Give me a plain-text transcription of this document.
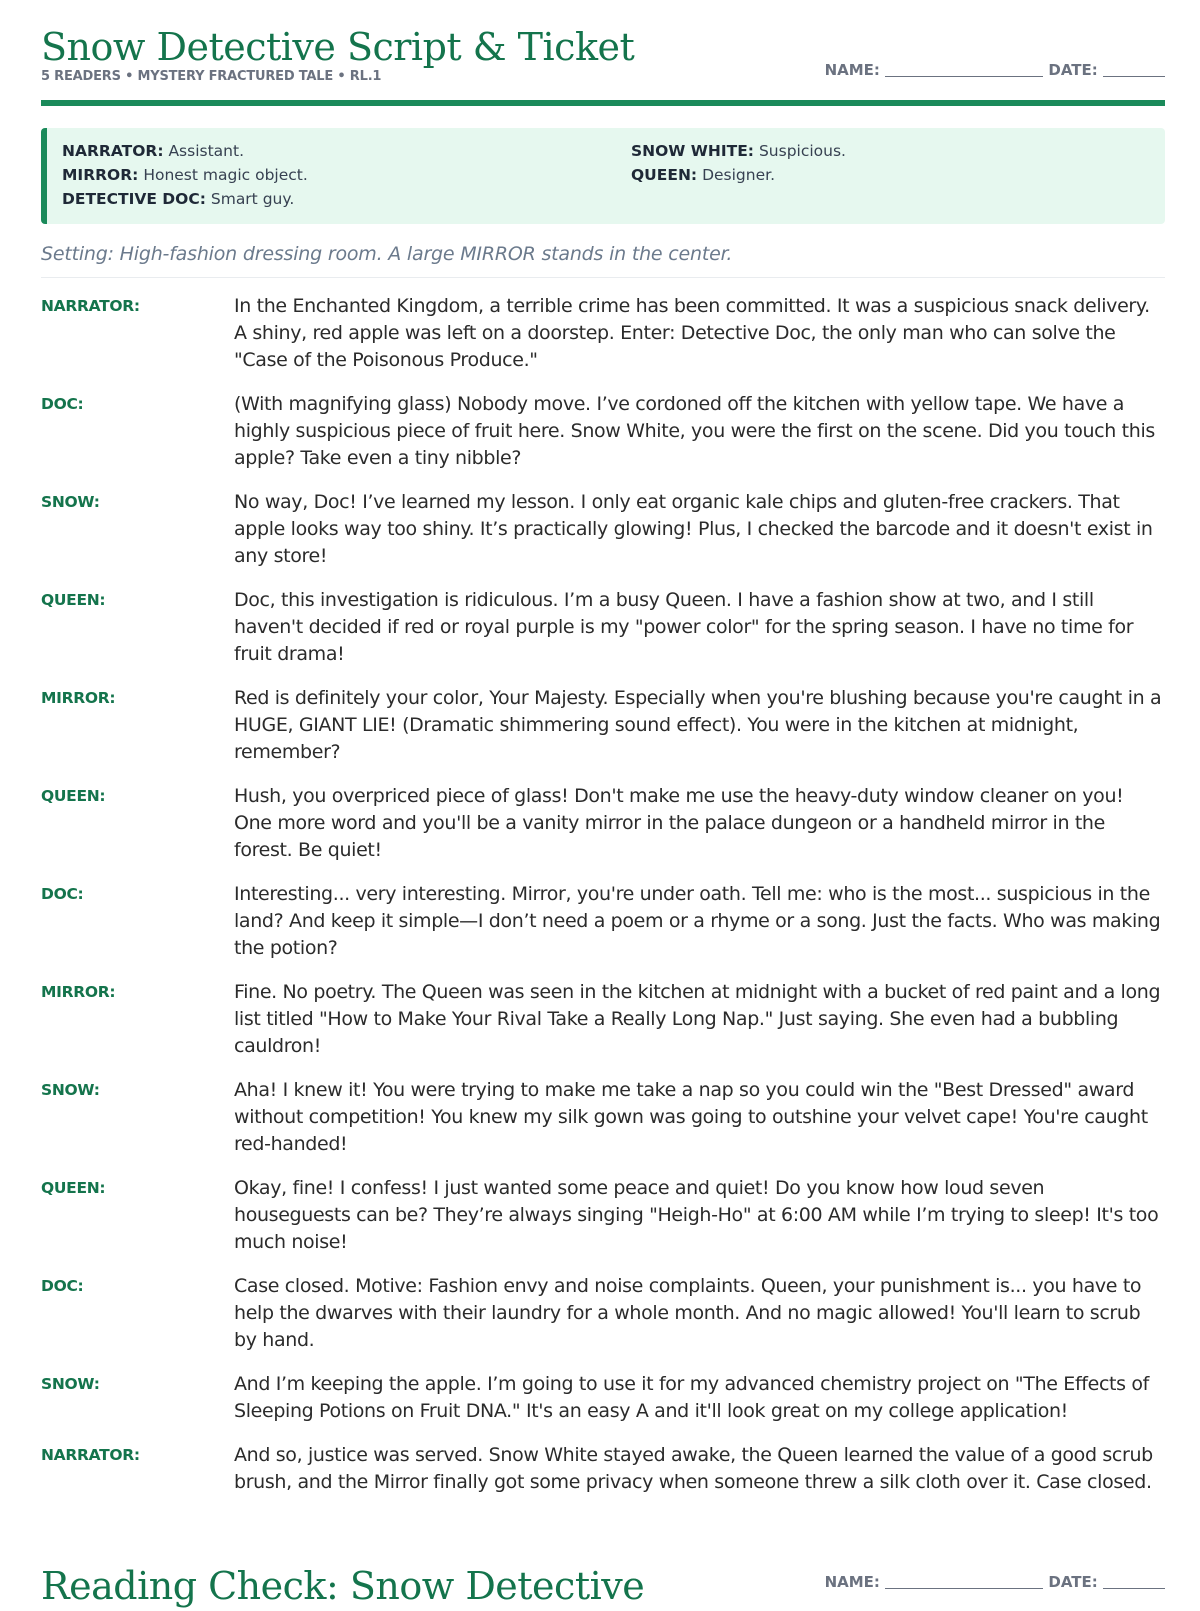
Snow Detective Script & Ticket
5 READERS • MYSTERY FRACTURED TALE • RL.1	NAME:	DATE:
NARRATOR: Assistant.
MIRROR: Honest magic object.
DETECTIVE DOC: Smart guy.
SNOW WHITE: Suspicious.
QUEEN: Designer.
Setting: High-fashion dressing room. A large MIRROR stands in the center.
NARRATOR:	In the Enchanted Kingdom, a terrible crime has been committed. It was a suspicious snack delivery. A shiny, red apple was left on a doorstep. Enter: Detective Doc, the only man who can solve the "Case of the Poisonous Produce."
DOC:	(With magnifying glass) Nobody move. I’ve cordoned off the kitchen with yellow tape. We have a highly suspicious piece of fruit here. Snow White, you were the first on the scene. Did you touch this apple? Take even a tiny nibble?
SNOW:	No way, Doc! I’ve learned my lesson. I only eat organic kale chips and gluten-free crackers. That apple looks way too shiny. It’s practically glowing! Plus, I checked the barcode and it doesn't exist in any store!
QUEEN:	Doc, this investigation is ridiculous. I’m a busy Queen. I have a fashion show at two, and I still haven't decided if red or royal purple is my "power color" for the spring season. I have no time for fruit drama!
MIRROR:	Red is definitely your color, Your Majesty. Especially when you're blushing because you're caught in a HUGE, GIANT LIE! (Dramatic shimmering sound effect). You were in the kitchen at midnight, remember?
QUEEN:	Hush, you overpriced piece of glass! Don't make me use the heavy-duty window cleaner on you! One more word and you'll be a vanity mirror in the palace dungeon or a handheld mirror in the forest. Be quiet!
DOC:	Interesting... very interesting. Mirror, you're under oath. Tell me: who is the most... suspicious in the land? And keep it simple—I don’t need a poem or a rhyme or a song. Just the facts. Who was making the potion?
MIRROR:	Fine. No poetry. The Queen was seen in the kitchen at midnight with a bucket of red paint and a long list titled "How to Make Your Rival Take a Really Long Nap." Just saying. She even had a bubbling cauldron!
SNOW:	Aha! I knew it! You were trying to make me take a nap so you could win the "Best Dressed" award without competition! You knew my silk gown was going to outshine your velvet cape! You're caught red-handed!
QUEEN:	Okay, fine! I confess! I just wanted some peace and quiet! Do you know how loud seven houseguests can be? They’re always singing "Heigh-Ho" at 6:00 AM while I’m trying to sleep! It's too much noise!
DOC:	Case closed. Motive: Fashion envy and noise complaints. Queen, your punishment is... you have to help the dwarves with their laundry for a whole month. And no magic allowed! You'll learn to scrub by hand.
SNOW:	And I’m keeping the apple. I’m going to use it for my advanced chemistry project on "The Effects of Sleeping Potions on Fruit DNA." It's an easy A and it'll look great on my college application!
NARRATOR:	And so, justice was served. Snow White stayed awake, the Queen learned the value of a good scrub brush, and the Mirror finally got some privacy when someone threw a silk cloth over it. Case closed.
Reading Check: Snow Detective	NAME:	DATE:
